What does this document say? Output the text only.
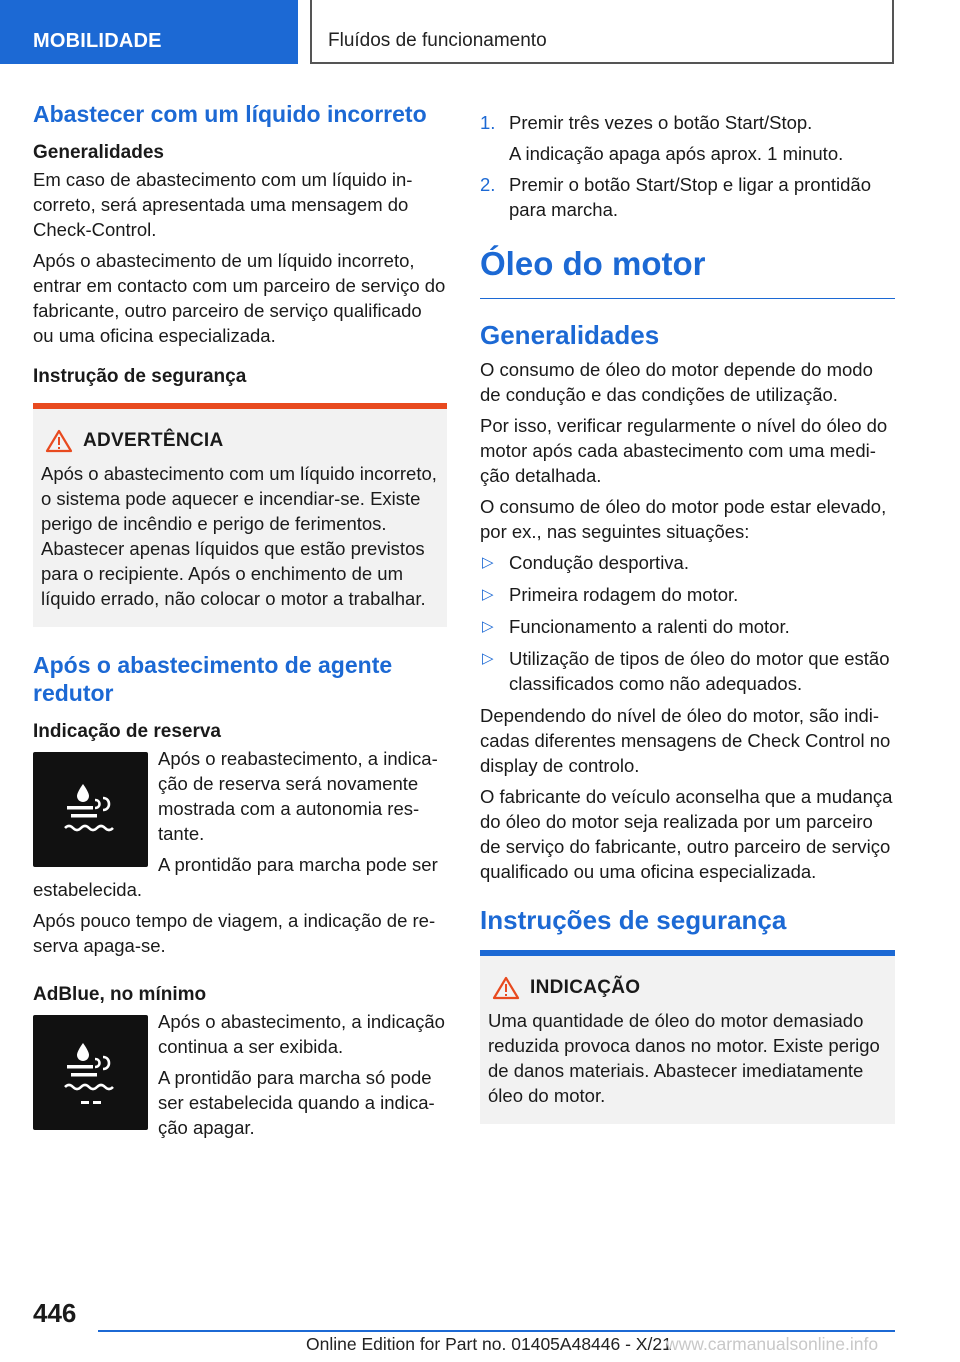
MOBILIDADE	Fluídos de funcionamento
Abastecer com um líquido incorreto
Generalidades

Em caso de abastecimento com um líquido incorreto, será apresentada uma mensagem do Check-Control.

Após o abastecimento de um líquido incorreto, entrar em contacto com um parceiro de serviço do fabricante, outro parceiro de serviço qualificado ou uma oficina especializada.

Instrução de segurança
ADVERTÊNCIA

Após o abastecimento com um líquido incorreto, o sistema pode aquecer e incendiar-se. Existe perigo de incêndio e perigo de ferimentos. Abastecer apenas líquidos que estão previstos para o recipiente. Após o enchimento de um líquido errado, não colocar o motor a trabalhar.

Após o abastecimento de agente redutor
Indicação de reserva

Após o reabastecimento, a indicação de reserva será novamente mostrada com a autonomia restante.

A prontidão para marcha pode ser estabelecida.

Após pouco tempo de viagem, a indicação de reserva apaga-se.

AdBlue, no mínimo

Após o abastecimento, a indicação continua a ser exibida.

A prontidão para marcha só pode ser estabelecida quando a indicação apagar.

1. Premir três vezes o botão Start/Stop.

A indicação apaga após aprox. 1 minuto.

2. Premir o botão Start/Stop e ligar a prontidão para marcha.

Óleo do motor
Generalidades

O consumo de óleo do motor depende do modo de condução e das condições de utilização.

Por isso, verificar regularmente o nível do óleo do motor após cada abastecimento com uma medição detalhada.

O consumo de óleo do motor pode estar elevado, por ex., nas seguintes situações:

▷ Condução desportiva.
▷ Primeira rodagem do motor.
▷ Funcionamento a ralenti do motor.
▷ Utilização de tipos de óleo do motor que estão classificados como não adequados.

Dependendo do nível de óleo do motor, são indicadas diferentes mensagens de Check Control no display de controlo.

O fabricante do veículo aconselha que a mudança do óleo do motor seja realizada por um parceiro de serviço do fabricante, outro parceiro de serviço qualificado ou uma oficina especializada.

Instruções de segurança
INDICAÇÃO

Uma quantidade de óleo do motor demasiado reduzida provoca danos no motor. Existe perigo de danos materiais. Abastecer imediatamente óleo do motor.

446
Online Edition for Part no. 01405A48446 - X/21
www.carmanualsonline.info
